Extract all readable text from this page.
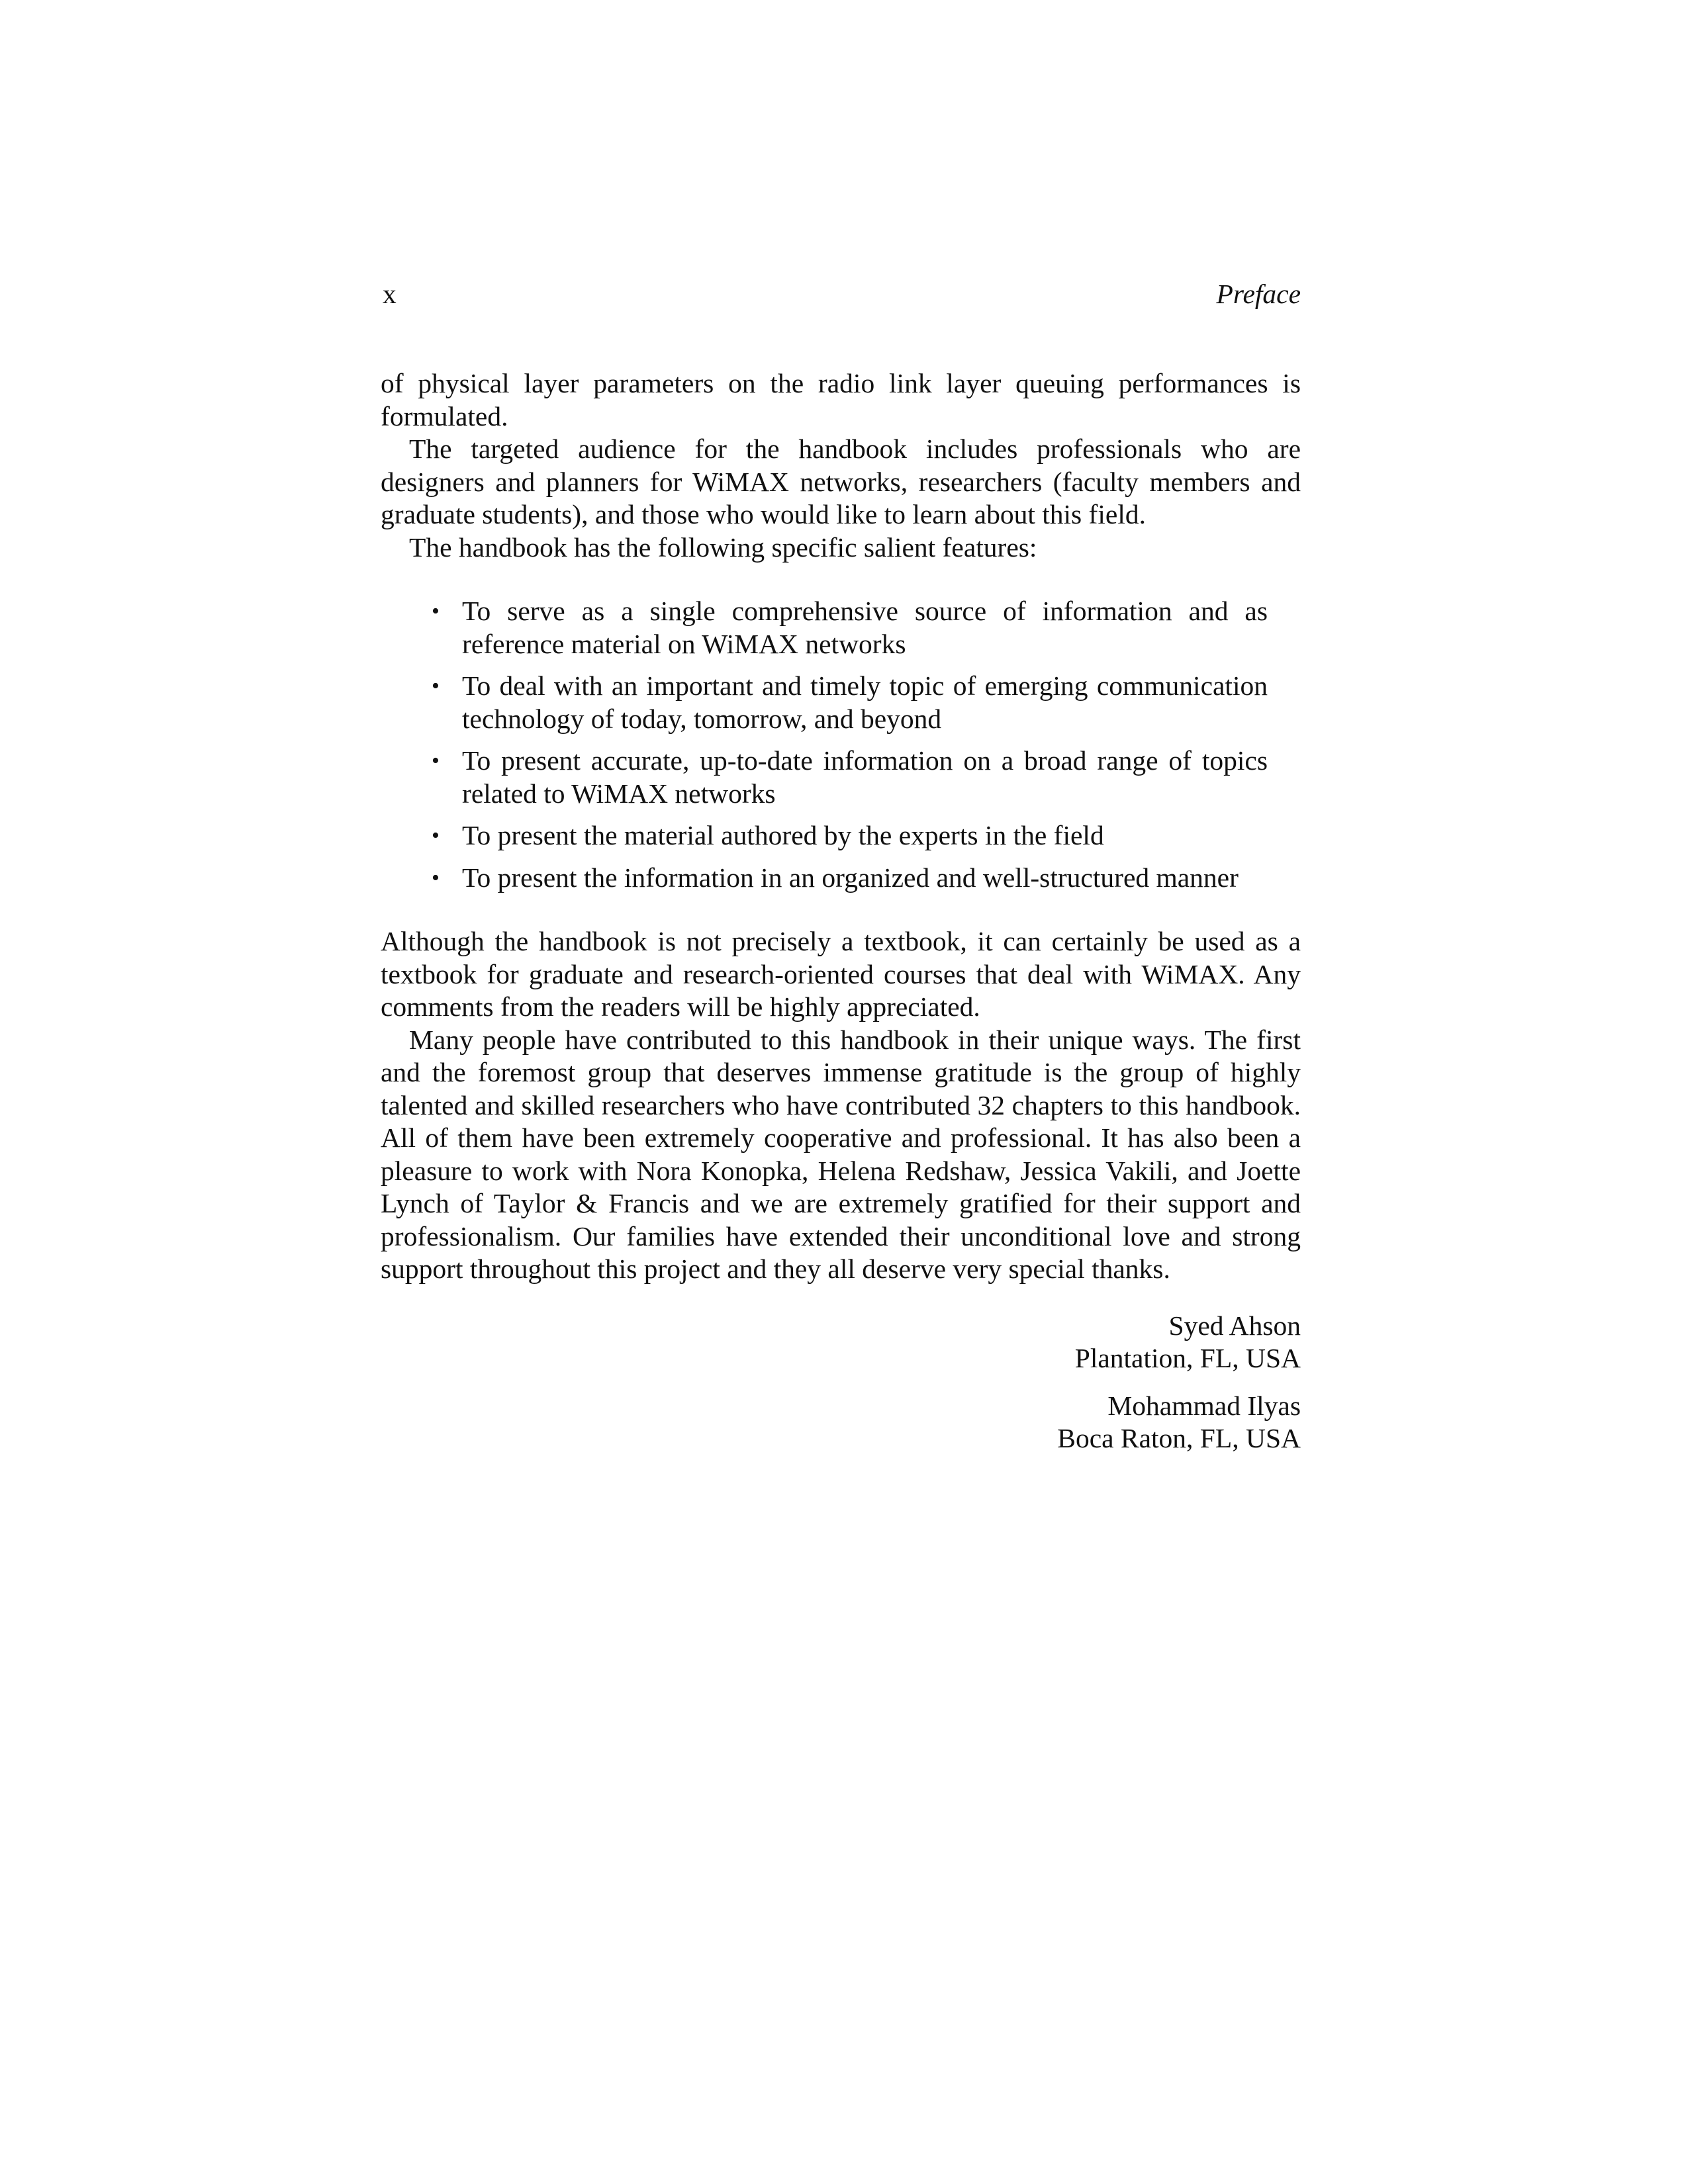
x	Preface

of physical layer parameters on the radio link layer queuing performances is formulated.

The targeted audience for the handbook includes professionals who are designers and planners for WiMAX networks, researchers (faculty members and graduate students), and those who would like to learn about this field.

The handbook has the following specific salient features:

• To serve as a single comprehensive source of information and as reference material on WiMAX networks
• To deal with an important and timely topic of emerging communication technology of today, tomorrow, and beyond
• To present accurate, up-to-date information on a broad range of topics related to WiMAX networks
• To present the material authored by the experts in the field
• To present the information in an organized and well-structured manner

Although the handbook is not precisely a textbook, it can certainly be used as a textbook for graduate and research-oriented courses that deal with WiMAX. Any comments from the readers will be highly appreciated.

Many people have contributed to this handbook in their unique ways. The first and the foremost group that deserves immense gratitude is the group of highly talented and skilled researchers who have contributed 32 chapters to this handbook. All of them have been extremely cooperative and professional. It has also been a pleasure to work with Nora Konopka, Helena Redshaw, Jessica Vakili, and Joette Lynch of Taylor & Francis and we are extremely gratified for their support and professionalism. Our families have extended their unconditional love and strong support throughout this project and they all deserve very special thanks.

Syed Ahson
Plantation, FL, USA
Mohammad Ilyas
Boca Raton, FL, USA
